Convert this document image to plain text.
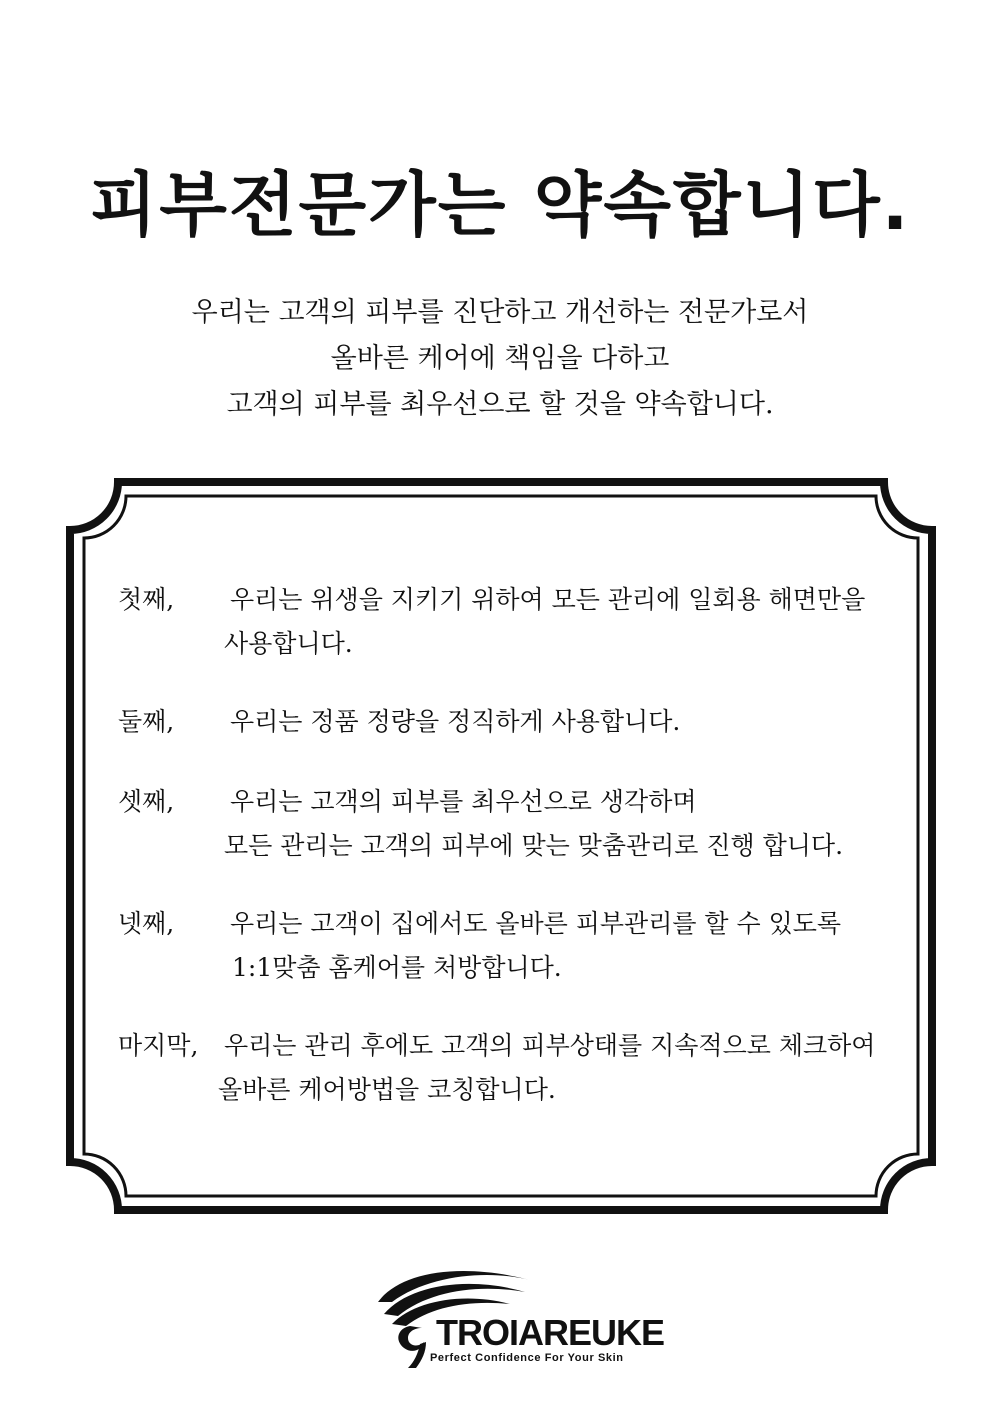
피부전문가는 약속합니다.
우리는 고객의 피부를 진단하고 개선하는 전문가로서
올바른 케어에 책임을 다하고
고객의 피부를 최우선으로 할 것을 약속합니다.
첫째, 우리는 위생을 지키기 위하여 모든 관리에 일회용 해면만을
사용합니다.
둘째, 우리는 정품 정량을 정직하게 사용합니다.
셋째, 우리는 고객의 피부를 최우선으로 생각하며
모든 관리는 고객의 피부에 맞는 맞춤관리로 진행 합니다.
넷째, 우리는 고객이 집에서도 올바른 피부관리를 할 수 있도록
1:1맞춤 홈케어를 처방합니다.
마지막, 우리는 관리 후에도 고객의 피부상태를 지속적으로 체크하여
올바른 케어방법을 코칭합니다.
TROIAREUKE
Perfect Confidence For Your Skin
